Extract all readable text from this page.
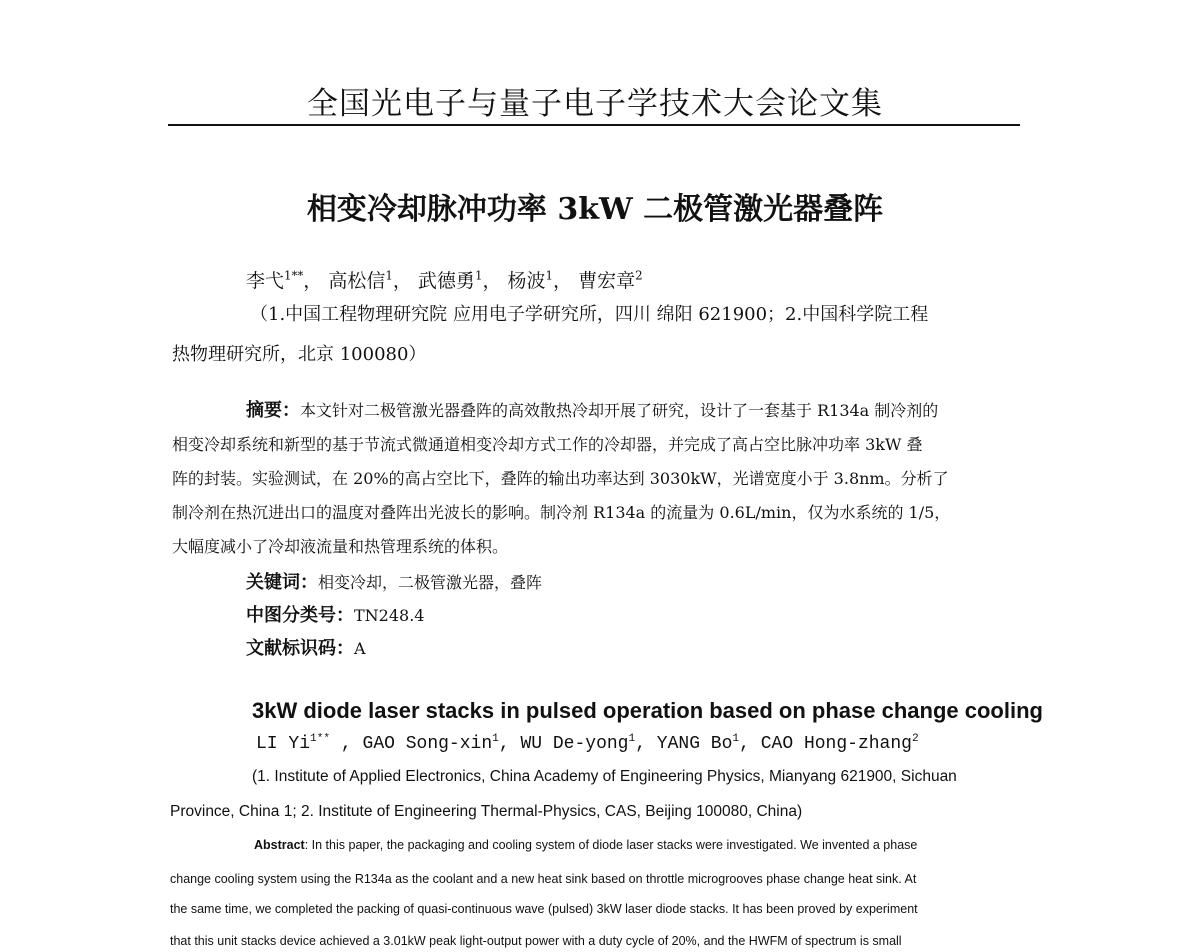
全国光电子与量子电子学技术大会论文集
相变冷却脉冲功率 3kW 二极管激光器叠阵
李弋$^{1**}$， 高松信$^1$， 武德勇$^1$， 杨波$^1$， 曹宏章$^2$
（1.中国工程物理研究院 应用电子学研究所，四川 绵阳 621900；2.中国科学院工程
热物理研究所，北京 100080）
摘要：本文针对二极管激光器叠阵的高效散热冷却开展了研究，设计了一套基于 R134a 制冷剂的
相变冷却系统和新型的基于节流式微通道相变冷却方式工作的冷却器，并完成了高占空比脉冲功率 3kW 叠
阵的封装。实验测试，在 20%的高占空比下，叠阵的输出功率达到 3030kW，光谱宽度小于 3.8nm。分析了
制冷剂在热沉进出口的温度对叠阵出光波长的影响。制冷剂 R134a 的流量为 0.6L/min，仅为水系统的 1/5，
大幅度减小了冷却液流量和热管理系统的体积。
关键词：相变冷却，二极管激光器，叠阵
中图分类号：TN248.4
文献标识码：A
3kW diode laser stacks in pulsed operation based on phase change cooling
LI $Yi^{1**}$ , GAO Song-xin$^1$, WU De-yong$^1$, YANG Bo$^1$, CAO Hong-zhang$^2$
(1. Institute of Applied Electronics, China Academy of Engineering Physics, Mianyang 621900, Sichuan
Province, China 1; 2. Institute of Engineering Thermal-Physics, CAS, Beijing 100080, China)
Abstract: In this paper, the packaging and cooling system of diode laser stacks were investigated. We invented a phase
change cooling system using the R134a as the coolant and a new heat sink based on throttle microgrooves phase change heat sink. At
the same time, we completed the packing of quasi-continuous wave (pulsed) 3kW laser diode stacks. It has been proved by experiment
that this unit stacks device achieved a 3.01kW peak light-output power with a duty cycle of 20%, and the HWFM of spectrum is small
